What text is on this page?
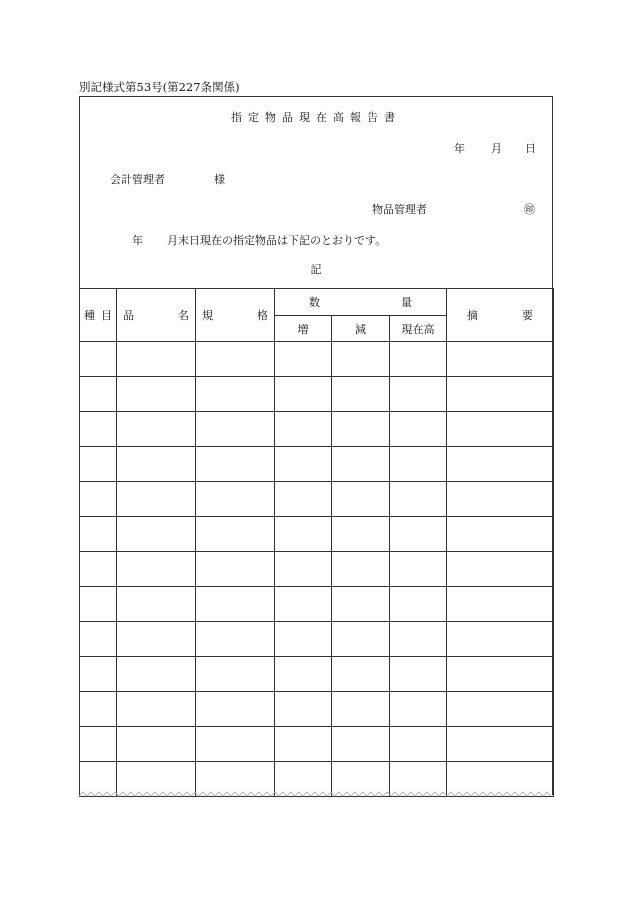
別記様式第53号(第227条関係)
指定物品現在高報告書
年 月 日
会計管理者	様
物品管理者	㊞
年 月末日現在の指定物品は下記のとおりです。
記
種 目	品 名	規 格	数 量			摘 要

			増	減	現在高	
